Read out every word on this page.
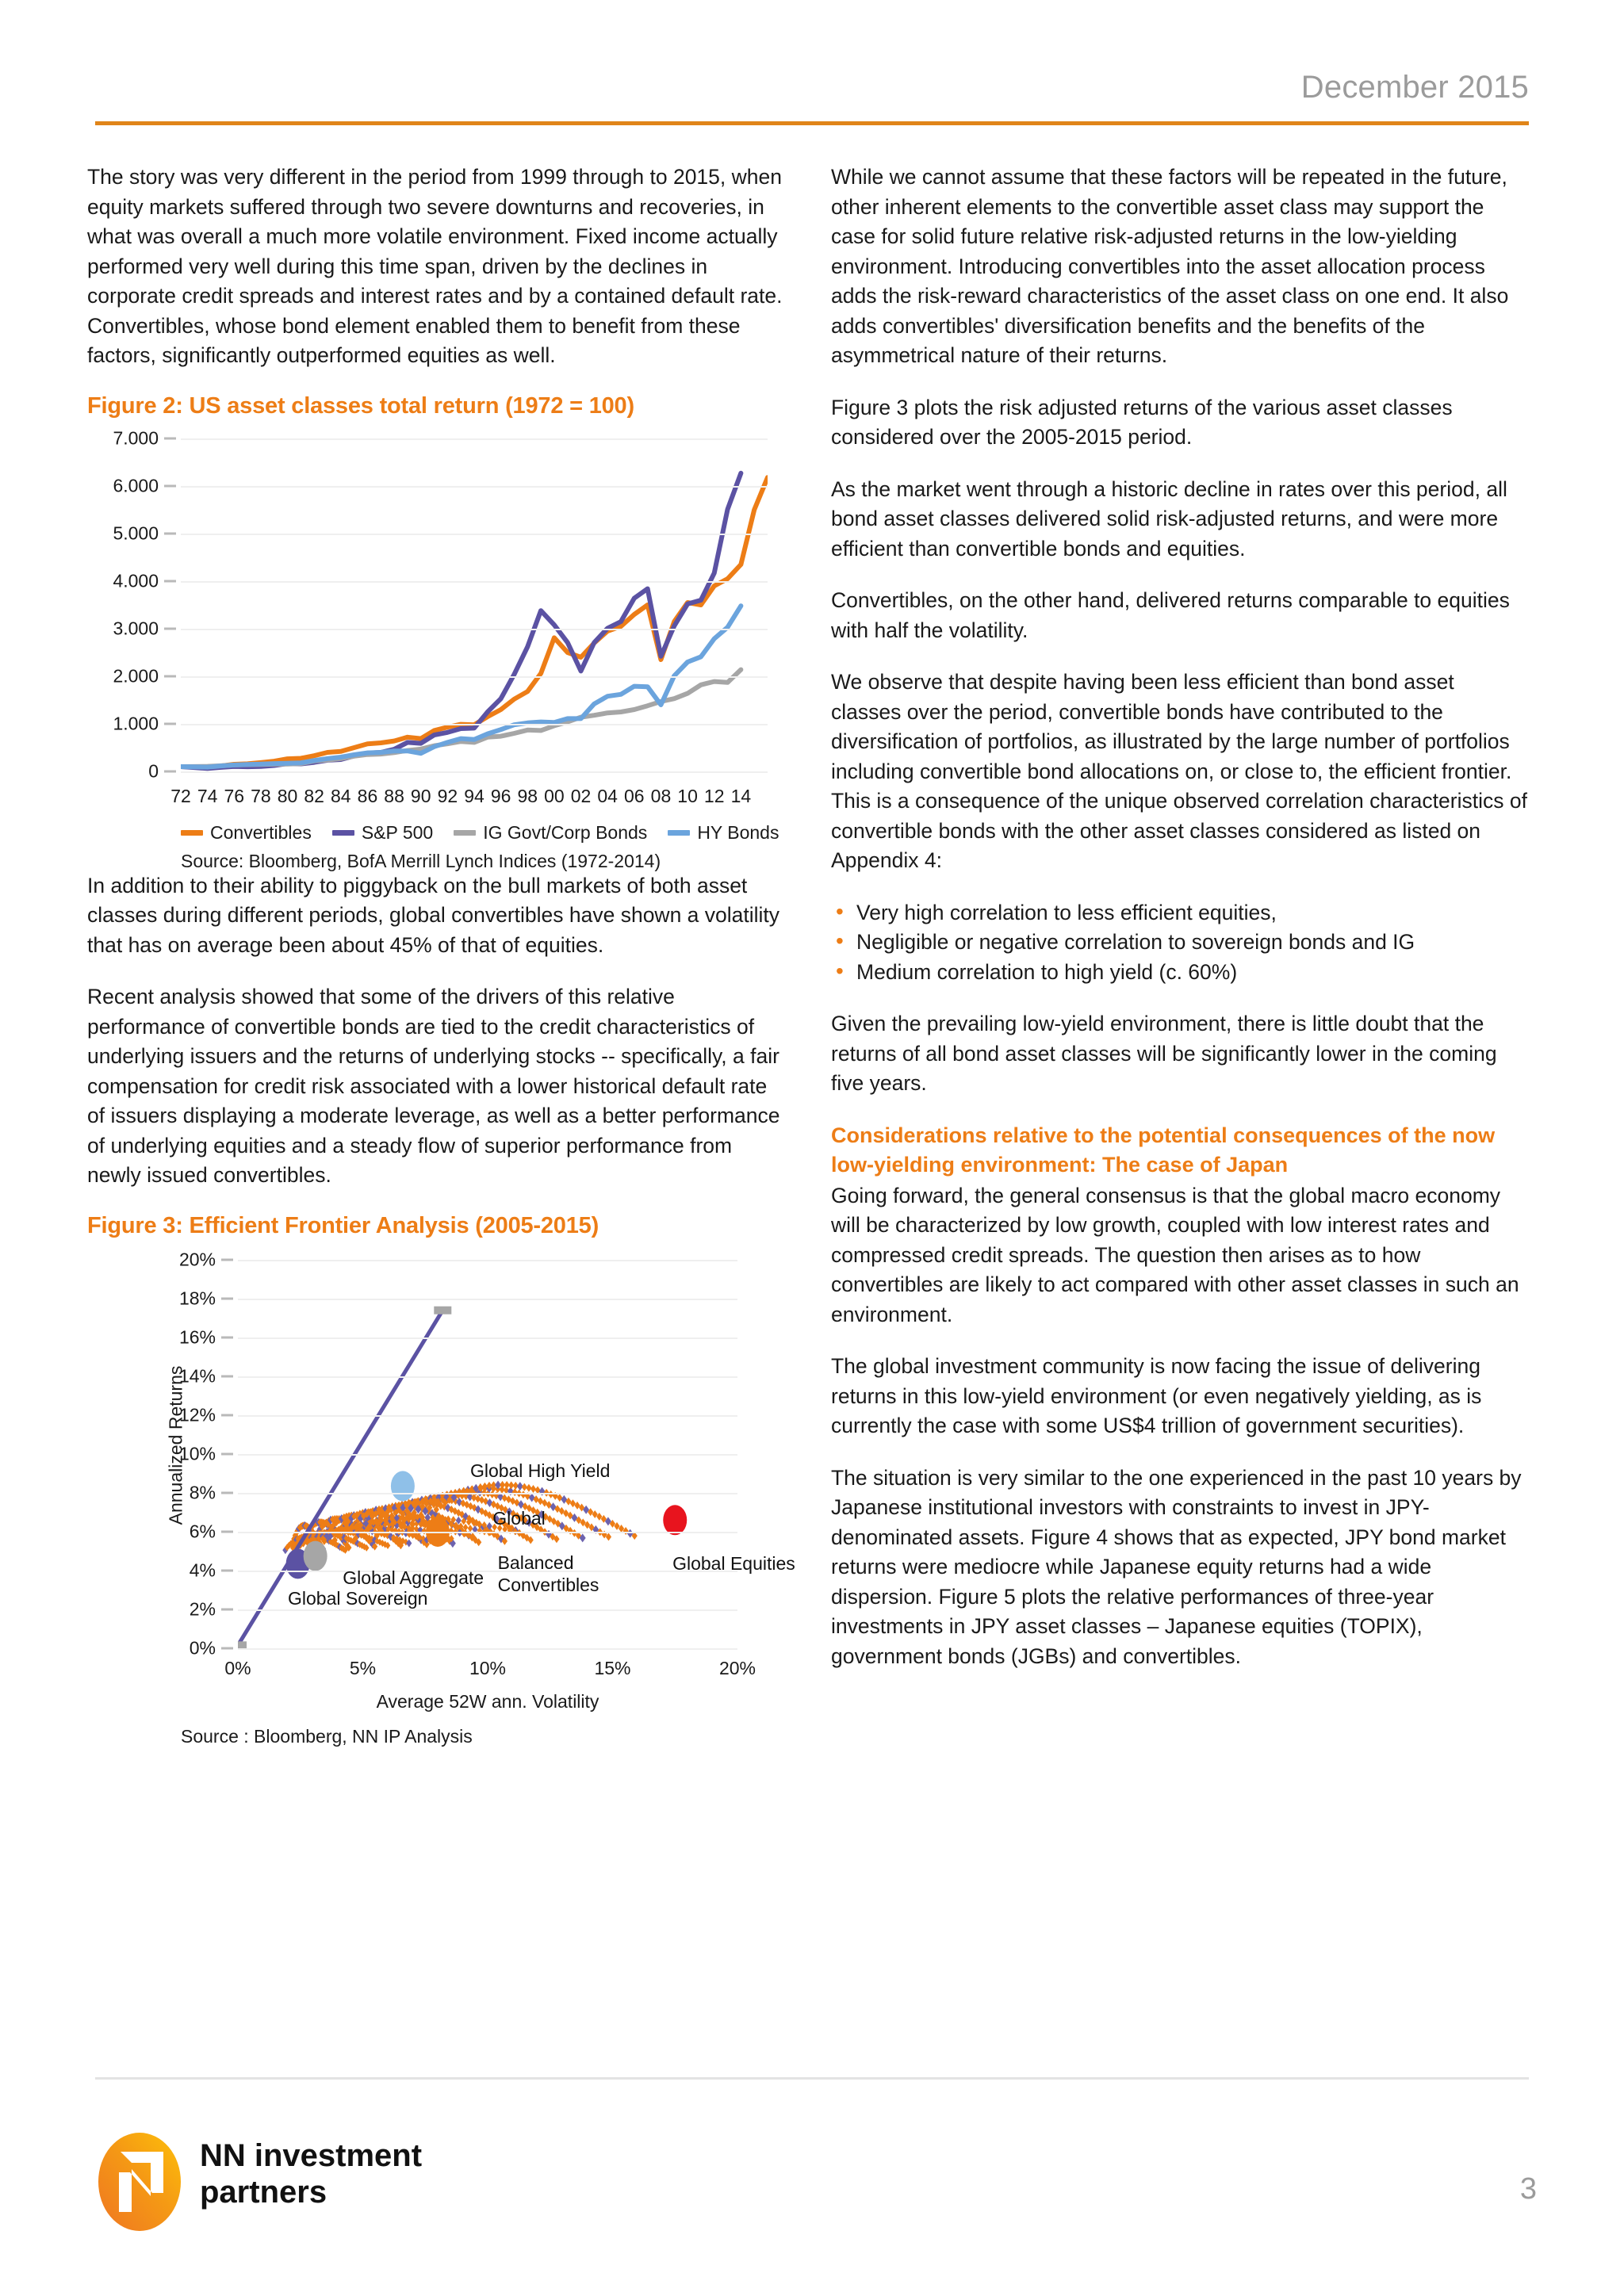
December 2015

The story was very different in the period from 1999 through to 2015, when equity markets suffered through two severe downturns and recoveries, in what was overall a much more volatile environment. Fixed income actually performed very well during this time span, driven by the declines in corporate credit spreads and interest rates and by a contained default rate. Convertibles, whose bond element enabled them to benefit from these factors, significantly outperformed equities as well.

Figure 2: US asset classes total return (1972 = 100)
0
1.000
2.000
3.000
4.000
5.000
6.000
7.000
72 74 76 78 80 82 84 86 88 90 92 94 96 98 00 02 04 06 08 10 12 14
Convertibles	S&P 500	IG Govt/Corp Bonds	HY Bonds
Source: Bloomberg, BofA Merrill Lynch Indices (1972-2014)

In addition to their ability to piggyback on the bull markets of both asset classes during different periods, global convertibles have shown a volatility that has on average been about 45% of that of equities.

Recent analysis showed that some of the drivers of this relative performance of convertible bonds are tied to the credit characteristics of underlying issuers and the returns of underlying stocks -- specifically, a fair compensation for credit risk associated with a lower historical default rate of issuers displaying a moderate leverage, as well as a better performance of underlying equities and a steady flow of superior performance from newly issued convertibles.

Figure 3: Efficient Frontier Analysis (2005-2015)
Annualized Returns
0%
2%
4%
6%
8%
10%
12%
14%
16%
18%
20%
Global Sovereign
Global Aggregate
Global High Yield
Balanced Convertibles
Global Equities
Global
0%	5%	10%	15%	20%
Average 52W ann. Volatility
Source : Bloomberg, NN IP Analysis

While we cannot assume that these factors will be repeated in the future, other inherent elements to the convertible asset class may support the case for solid future relative risk-adjusted returns in the low-yielding environment. Introducing convertibles into the asset allocation process adds the risk-reward characteristics of the asset class on one end. It also adds convertibles' diversification benefits and the benefits of the asymmetrical nature of their returns.

Figure 3 plots the risk adjusted returns of the various asset classes considered over the 2005-2015 period.

As the market went through a historic decline in rates over this period, all bond asset classes delivered solid risk-adjusted returns, and were more efficient than convertible bonds and equities.

Convertibles, on the other hand, delivered returns comparable to equities with half the volatility.

We observe that despite having been less efficient than bond asset classes over the period, convertible bonds have contributed to the diversification of portfolios, as illustrated by the large number of portfolios including convertible bond allocations on, or close to, the efficient frontier. This is a consequence of the unique observed correlation characteristics of convertible bonds with the other asset classes considered as listed on Appendix 4:

• Very high correlation to less efficient equities,
• Negligible or negative correlation to sovereign bonds and IG
• Medium correlation to high yield (c. 60%)

Given the prevailing low-yield environment, there is little doubt that the returns of all bond asset classes will be significantly lower in the coming five years.

Considerations relative to the potential consequences of the now low-yielding environment: The case of Japan

Going forward, the general consensus is that the global macro economy will be characterized by low growth, coupled with low interest rates and compressed credit spreads. The question then arises as to how convertibles are likely to act compared with other asset classes in such an environment.

The global investment community is now facing the issue of delivering returns in this low-yield environment (or even negatively yielding, as is currently the case with some US$4 trillion of government securities).

The situation is very similar to the one experienced in the past 10 years by Japanese institutional investors with constraints to invest in JPY-denominated assets. Figure 4 shows that as expected, JPY bond market returns were mediocre while Japanese equity returns had a wide dispersion. Figure 5 plots the relative performances of three-year investments in JPY asset classes – Japanese equities (TOPIX), government bonds (JGBs) and convertibles.

NN investment
partners	3
